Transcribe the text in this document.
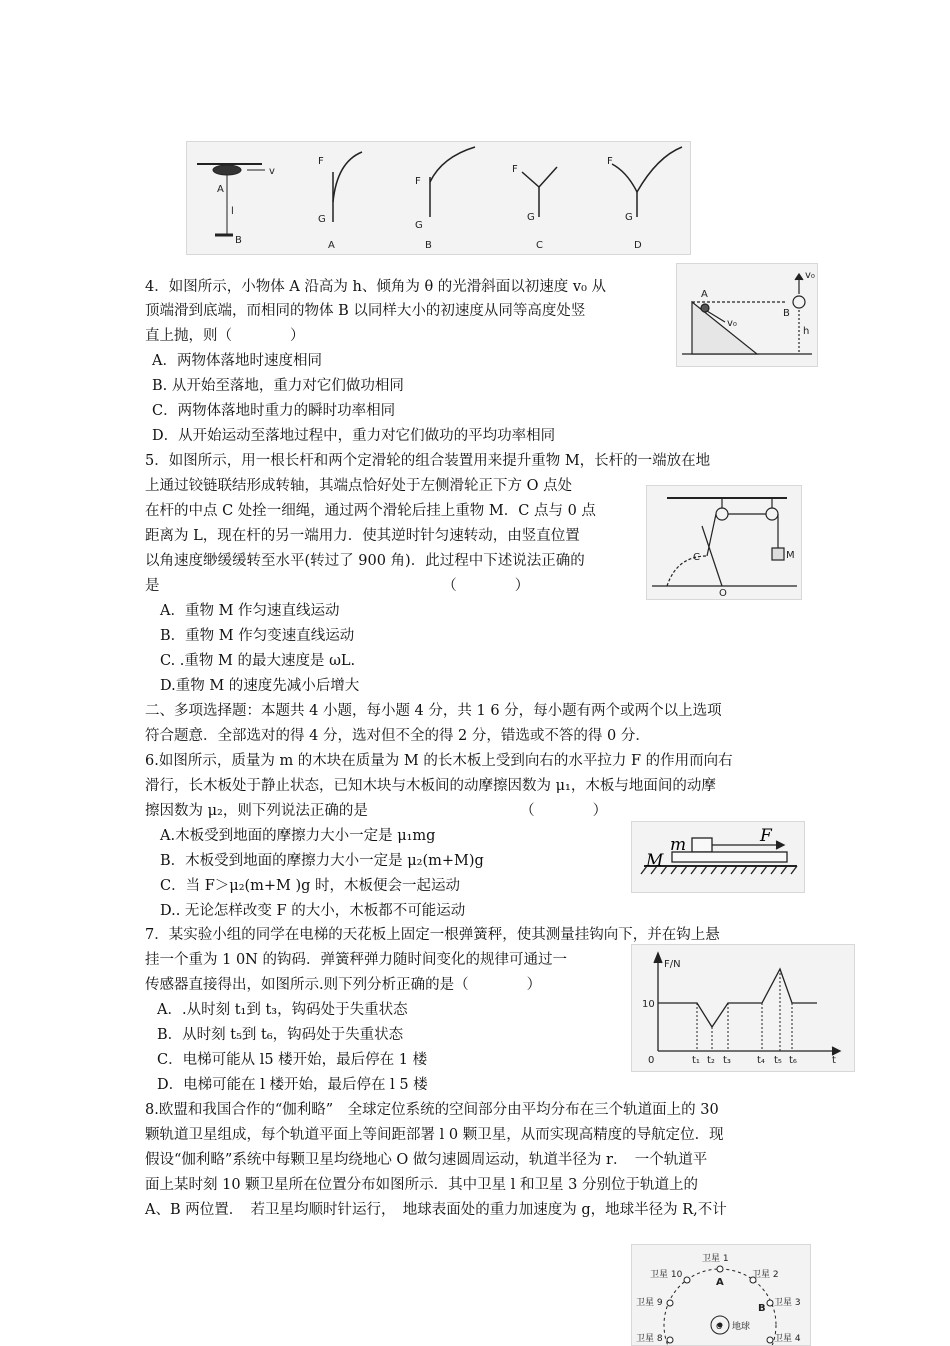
v
A
l
B
F
G
A
F
G
B
F
G
C
F
G
D
4．如图所示，小物体 A 沿高为 h、倾角为 θ 的光滑斜面以初速度 v₀ 从
顶端滑到底端，而相同的物体 B 以同样大小的初速度从同等高度处竖
直上抛，则（　　　　）
A．两物体落地时速度相同
B. 从开始至落地，重力对它们做功相同
C．两物体落地时重力的瞬时功率相同
D．从开始运动至落地过程中，重力对它们做功的平均功率相同
A
v₀
v₀
B
h
5．如图所示，用一根长杆和两个定滑轮的组合装置用来提升重物 M，长杆的一端放在地
上通过铰链联结形成转轴，其端点恰好处于左侧滑轮正下方 O 点处
在杆的中点 C 处拴一细绳，通过两个滑轮后挂上重物 M．C 点与 0 点
距离为 L，现在杆的另一端用力．使其逆时针匀速转动，由竖直位置
以角速度缈缓缓转至水平(转过了 900 角)．此过程中下述说法正确的
是　　　　　　　　　　　　　　　　　　　　（　　　　）
A．重物 M 作匀速直线运动
B．重物 M 作匀变速直线运动
C. .重物 M 的最大速度是 ωL.
D.重物 M 的速度先减小后增大
M
C
O
二、多项选择题：本题共 4 小题，每小题 4 分，共 1 6 分，每小题有两个或两个以上选项
符合题意．全部选对的得 4 分，选对但不全的得 2 分，错选或不答的得 0 分．
6.如图所示，质量为 m 的木块在质量为 M 的长木板上受到向右的水平拉力 F 的作用而向右
滑行，长木板处于静止状态，已知木块与木板间的动摩擦因数为 μ₁，木板与地面间的动摩
擦因数为 μ₂，则下列说法正确的是　　　　　　　　　　　（　　　　）
A.木板受到地面的摩擦力大小一定是 μ₁mg
B．木板受到地面的摩擦力大小一定是 μ₂(m+M)g
C．当 F＞μ₂(m+M )g 时，木板便会一起运动
D.. 无论怎样改变 F 的大小，木板都不可能运动
m	F
M
7．某实验小组的同学在电梯的天花板上固定一根弹簧秤，使其测量挂钩向下，并在钩上悬
挂一个重为 1 0N 的钩码．弹簧秤弹力随时间变化的规律可通过一
传感器直接得出，如图所示.则下列分析正确的是（　　　　）
A．.从时刻 t₁到 t₃，钩码处于失重状态
B．从时刻 t₅到 t₆，钩码处于失重状态
C．电梯可能从 l5 楼开始，最后停在 1 楼
D．电梯可能在 l 楼开始，最后停在 l 5 楼
F/N
10
0	t
t₁ t₂ t₃	t₄ t₅ t₆
8.欧盟和我国合作的“伽利略”　全球定位系统的空间部分由平均分布在三个轨道面上的 30
颗轨道卫星组成，每个轨道平面上等间距部署 l 0 颗卫星，从而实现高精度的导航定位．现
假设“伽利略”系统中每颗卫星均绕地心 O 做匀速圆周运动，轨道半径为 r．　一个轨道平
面上某时刻 10 颗卫星所在位置分布如图所示．其中卫星 l 和卫星 3 分别位于轨道上的
A、B 两位置．　若卫星均顺时针运行，　地球表面处的重力加速度为 g，地球半径为 R,不计
卫星 1
卫星 10	卫星 2
卫星 9	卫星 3
卫星 8	卫星 4
A
B
O 地球
